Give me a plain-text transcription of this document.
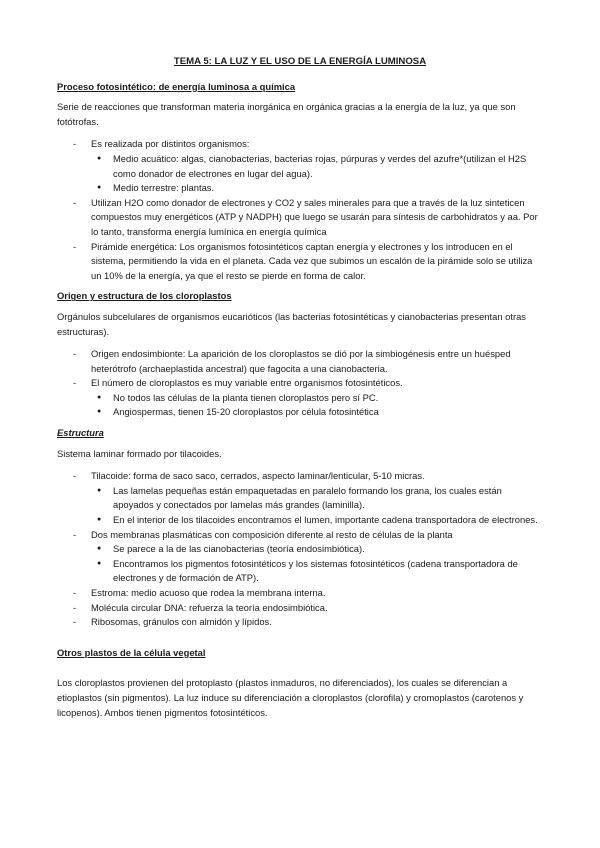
TEMA 5: LA LUZ Y EL USO DE LA ENERGÍA LUMINOSA
Proceso fotosintético: de energía luminosa a química

Serie de reacciones que transforman materia inorgánica en orgánica gracias a la energía de la luz, ya que son fotótrofas.

- Es realizada por distintos organismos:
● Medio acuático: algas, cianobacterias, bacterias rojas, púrpuras y verdes del azufre*(utilizan el H2S como donador de electrones en lugar del agua).
● Medio terrestre: plantas.
- Utilizan H2O como donador de electrones y CO2 y sales minerales para que a través de la luz sinteticen compuestos muy energéticos (ATP y NADPH) que luego se usarán para síntesis de carbohidratos y aa. Por lo tanto, transforma energía lumínica en energía química
- Pirámide energética: Los organismos fotosintéticos captan energía y electrones y los introducen en el sistema, permitiendo la vida en el planeta. Cada vez que subimos un escalón de la pirámide solo se utiliza un 10% de la energía, ya que el resto se pierde en forma de calor.
Origen y estructura de los cloroplastos

Orgánulos subcelulares de organismos eucarióticos (las bacterias fotosintéticas y cianobacterias presentan otras estructuras).

- Origen endosimbionte: La aparición de los cloroplastos se dió por la simbiogénesis entre un huésped heterótrofo (archaeplastida ancestral) que fagocita a una cianobacteria.
- El número de cloroplastos es muy variable entre organismos fotosintéticos.
● No todos las células de la planta tienen cloroplastos pero sí PC.
● Angiospermas, tienen 15-20 cloroplastos por célula fotosintética
Estructura

Sistema laminar formado por tilacoides.

- Tilacoide: forma de saco saco, cerrados, aspecto laminar/lenticular, 5-10 micras.
● Las lamelas pequeñas están empaquetadas en paralelo formando los grana, los cuales están apoyados y conectados por lamelas más grandes (laminilla).
● En el interior de los tilacoides encontramos el lumen, importante cadena transportadora de electrones.
- Dos membranas plasmáticas con composición diferente al resto de células de la planta
● Se parece a la de las cianobacterias (teoría endosimbiótica).
● Encontramos los pigmentos fotosintéticos y los sistemas fotosintéticos (cadena transportadora de electrones y de formación de ATP).
- Estroma: medio acuoso que rodea la membrana interna.
- Molécula circular DNA: refuerza la teoría endosimbiótica.
- Ribosomas, gránulos con almidón y lípidos.
Otros plastos de la célula vegetal

Los cloroplastos provienen del protoplasto (plastos inmaduros, no diferenciados), los cuales se diferencian a etioplastos (sin pigmentos). La luz induce su diferenciación a cloroplastos (clorofila) y cromoplastos (carotenos y licopenos). Ambos tienen pigmentos fotosintéticos.
